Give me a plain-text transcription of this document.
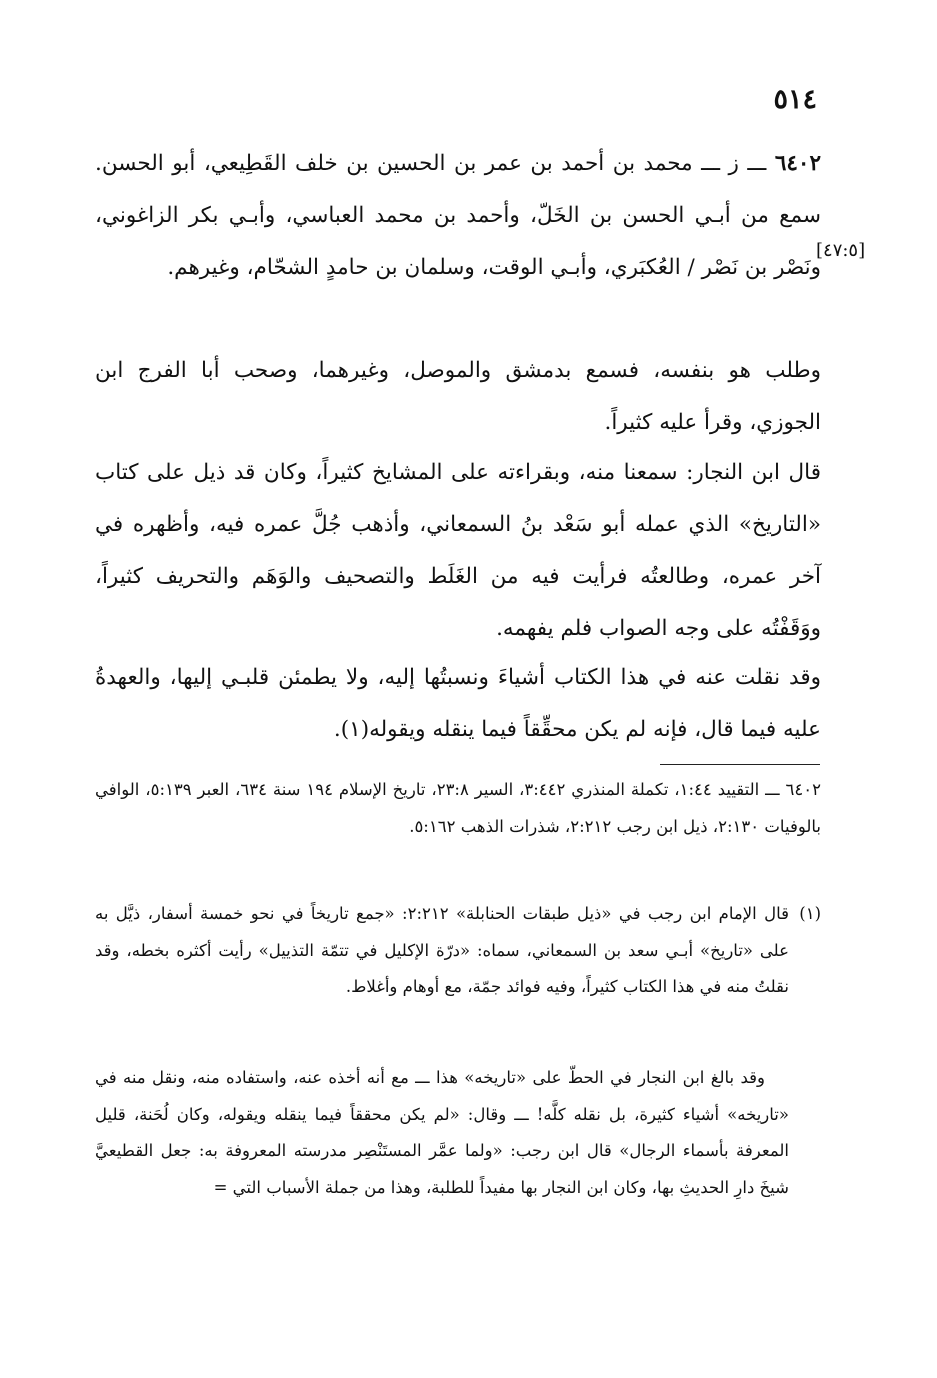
٥١٤
[٤٧:٥]

٦٤٠٢ ـــ ز ـــ محمد بن أحمد بن عمر بن الحسين بن خلف القَطِيعي، أبو الحسن. سمع من أبـي الحسن بن الخَلّ، وأحمد بن محمد العباسي، وأبـي بكر الزاغوني، ونَصْر بن نَصْر / العُكبَري، وأبـي الوقت، وسلمان بن حامدٍ الشحّام، وغيرهم.

وطلب هو بنفسه، فسمع بدمشق والموصل، وغيرهما، وصحب أبا الفرج ابن الجوزي، وقرأ عليه كثيراً.

قال ابن النجار: سمعنا منه، وبقراءته على المشايخ كثيراً، وكان قد ذيل على كتاب «التاريخ» الذي عمله أبو سَعْد بنُ السمعاني، وأذهب جُلَّ عمره فيه، وأظهره في آخر عمره، وطالعتُه فرأيت فيه من الغَلَط والتصحيف والوَهَم والتحريف كثيراً، ووَقَفْتُه على وجه الصواب فلم يفهمه.

وقد نقلت عنه في هذا الكتاب أشياءَ ونسبتُها إليه، ولا يطمئن قلبـي إليها، والعهدةُ عليه فيما قال، فإنه لم يكن محقِّقاً فيما ينقله ويقوله(١).

٦٤٠٢ ـــ التقييد ١:٤٤، تكملة المنذري ٣:٤٤٢، السير ٢٣:٨، تاريخ الإسلام ١٩٤ سنة ٦٣٤، العبر ٥:١٣٩، الوافي بالوفيات ٢:١٣٠، ذيل ابن رجب ٢:٢١٢، شذرات الذهب ٥:١٦٢.

(١)

قال الإمام ابن رجب في «ذيل طبقات الحنابلة» ٢:٢١٢: «جمع تاريخاً في نحو خمسة أسفار، ذيَّل به على «تاريخ» أبـي سعد بن السمعاني، سماه: «درّة الإكليل في تتمّة التذييل» رأيت أكثره بخطه، وقد نقلتُ منه في هذا الكتاب كثيراً، وفيه فوائد جمّة، مع أوهام وأغلاط.

وقد بالغ ابن النجار في الحطّ على «تاريخه» هذا ـــ مع أنه أخذه عنه، واستفاده منه، ونقل منه في «تاريخه» أشياء كثيرة، بل نقله كلَّه! ـــ وقال: «لم يكن محققاً فيما ينقله ويقوله، وكان لُحَنة، قليل المعرفة بأسماء الرجال» قال ابن رجب: «ولما عمَّر المستَنْصِر مدرسته المعروفة به: جعل القطيعيَّ شيخَ دارِ الحديثِ بها، وكان ابن النجار بها مفيداً للطلبة، وهذا من جملة الأسباب التي =
